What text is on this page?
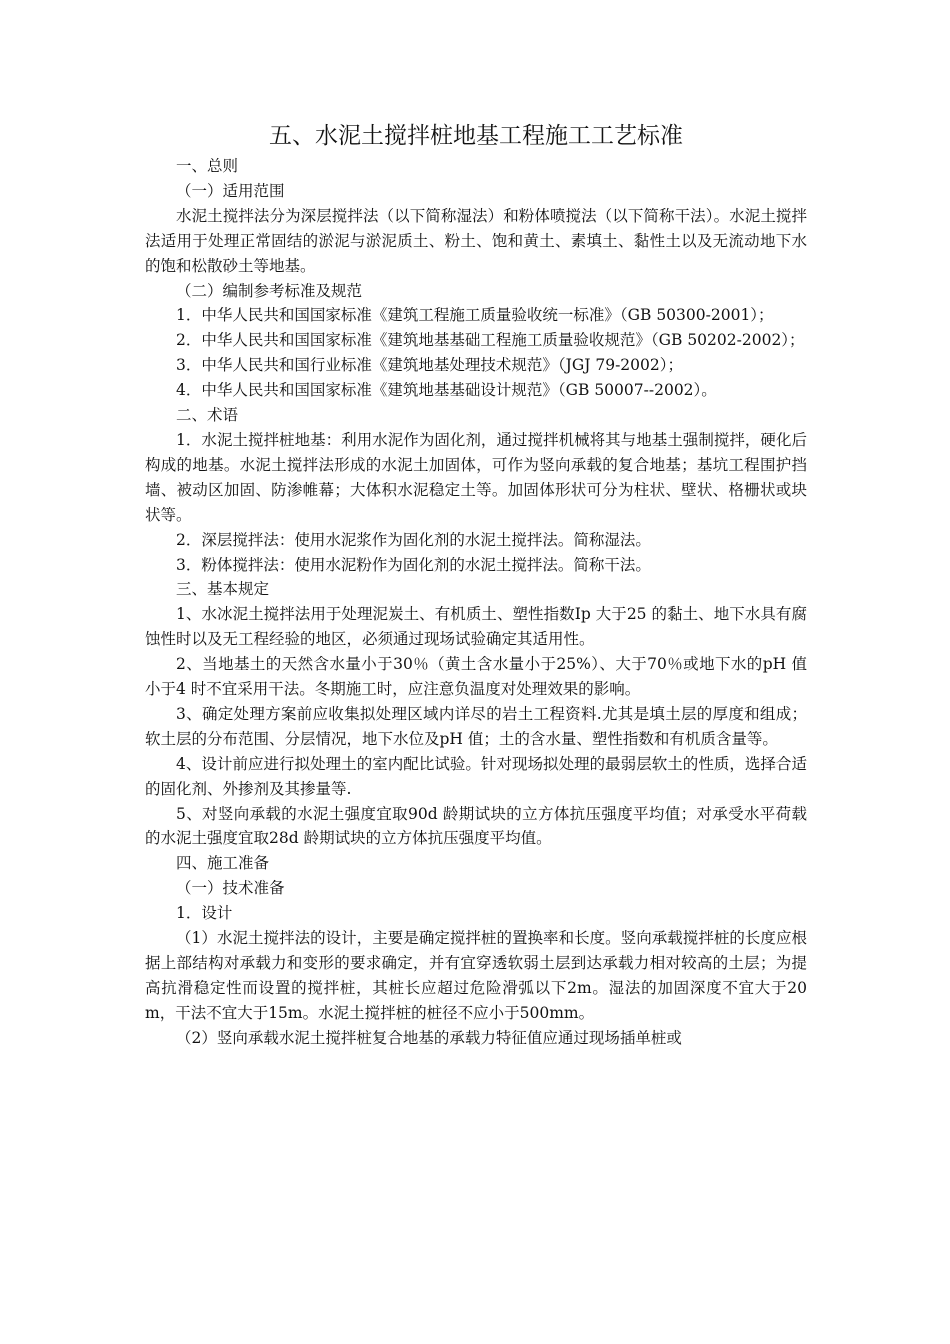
五、水泥土搅拌桩地基工程施工工艺标准

一、总则

（一）适用范围

水泥土搅拌法分为深层搅拌法（以下简称湿法）和粉体喷搅法（以下简称干法）。水泥土搅拌法适用于处理正常固结的淤泥与淤泥质土、粉土、饱和黄土、素填土、黏性土以及无流动地下水的饱和松散砂土等地基。

（二）编制参考标准及规范

1．中华人民共和国国家标准《建筑工程施工质量验收统一标准》（GB 50300-2001）；

2．中华人民共和国国家标准《建筑地基基础工程施工质量验收规范》（GB 50202-2002）；

3．中华人民共和国行业标准《建筑地基处理技术规范》（JGJ 79-2002）；

4．中华人民共和国国家标准《建筑地基基础设计规范》（GB 50007--2002）。

二、术语

1．水泥土搅拌桩地基：利用水泥作为固化剂，通过搅拌机械将其与地基土强制搅拌，硬化后构成的地基。水泥土搅拌法形成的水泥土加固体，可作为竖向承载的复合地基；基坑工程围护挡墙、被动区加固、防渗帷幕；大体积水泥稳定土等。加固体形状可分为柱状、壁状、格栅状或块状等。

2．深层搅拌法：使用水泥浆作为固化剂的水泥土搅拌法。简称湿法。

3．粉体搅拌法：使用水泥粉作为固化剂的水泥土搅拌法。简称干法。

三、基本规定

1、水冰泥土搅拌法用于处理泥炭土、有机质土、塑性指数Ip 大于25 的黏土、地下水具有腐蚀性时以及无工程经验的地区，必须通过现场试验确定其适用性。

2、当地基土的天然含水量小于30％（黄土含水量小于25%）、大于70％或地下水的pH 值小于4 时不宜采用干法。冬期施工时，应注意负温度对处理效果的影响。

3、确定处理方案前应收集拟处理区域内详尽的岩土工程资料.尤其是填土层的厚度和组成；软土层的分布范围、分层情况，地下水位及pH 值；土的含水量、塑性指数和有机质含量等。

4、设计前应进行拟处理土的室内配比试验。针对现场拟处理的最弱层软土的性质，选择合适的固化剂、外掺剂及其掺量等.

5、对竖向承载的水泥土强度宜取90d 龄期试块的立方体抗压强度平均值；对承受水平荷载的水泥土强度宜取28d 龄期试块的立方体抗压强度平均值。

四、施工准备

（一）技术准备

1．设计

（1）水泥土搅拌法的设计，主要是确定搅拌桩的置换率和长度。竖向承载搅拌桩的长度应根据上部结构对承载力和变形的要求确定，并有宜穿透软弱土层到达承载力相对较高的土层；为提高抗滑稳定性而设置的搅拌桩，其桩长应超过危险滑弧以下2m。湿法的加固深度不宜大于20m，干法不宜大于15m。水泥土搅拌桩的桩径不应小于500mm。

（2）竖向承载水泥土搅拌桩复合地基的承载力特征值应通过现场插单桩或
